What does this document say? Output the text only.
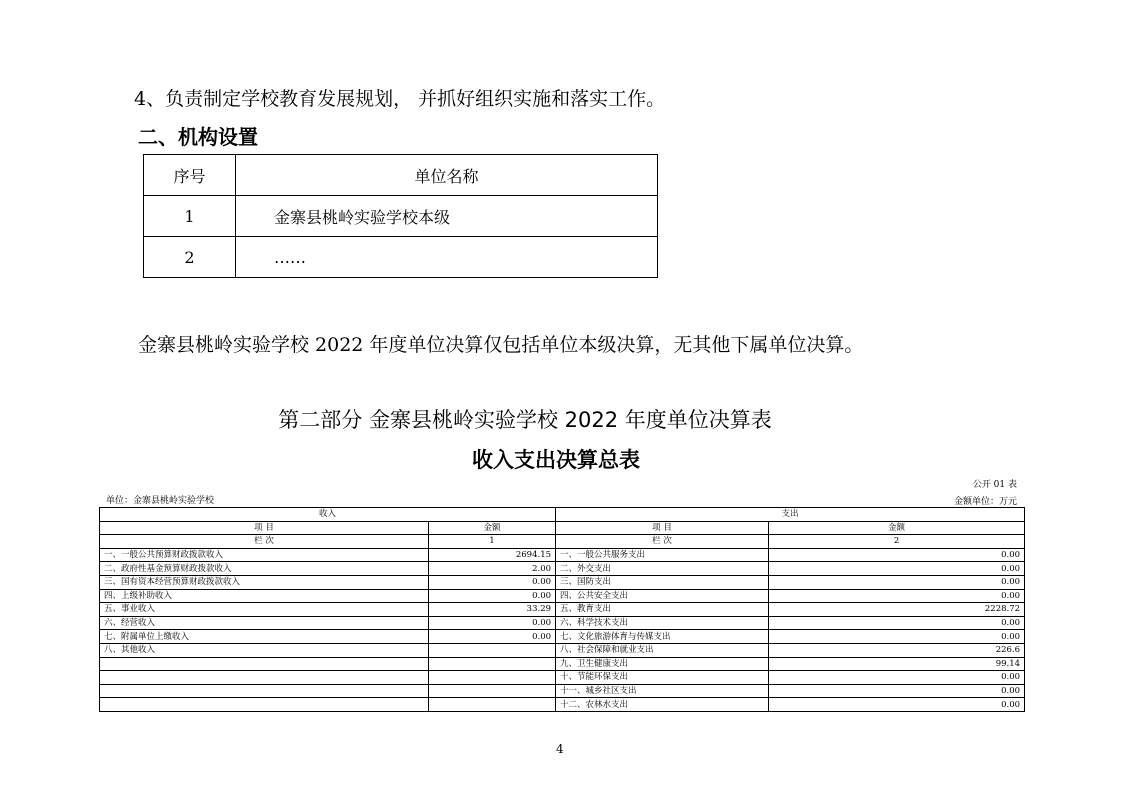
4、负责制定学校教育发展规划， 并抓好组织实施和落实工作。
二、机构设置
序号	单位名称
1	金寨县桃岭实验学校本级
2	……
金寨县桃岭实验学校 2022 年度单位决算仅包括单位本级决算，无其他下属单位决算。
第二部分 金寨县桃岭实验学校 2022 年度单位决算表
收入支出决算总表
公开 01 表
单位：金寨县桃岭实验学校	金额单位：万元
收入		支出	
项 目	金额	项 目	金额
栏 次	1	栏 次	2
一、一般公共预算财政拨款收入	2694.15	一、一般公共服务支出	0.00
二、政府性基金预算财政拨款收入	2.00	二、外交支出	0.00
三、国有资本经营预算财政拨款收入	0.00	三、国防支出	0.00
四、上级补助收入	0.00	四、公共安全支出	0.00
五、事业收入	33.29	五、教育支出	2228.72
六、经营收入	0.00	六、科学技术支出	0.00
七、附属单位上缴收入	0.00	七、文化旅游体育与传媒支出	0.00
八、其他收入		八、社会保障和就业支出	226.6
		九、卫生健康支出	99.14
		十、节能环保支出	0.00
		十一、城乡社区支出	0.00
		十二、农林水支出	0.00
4
